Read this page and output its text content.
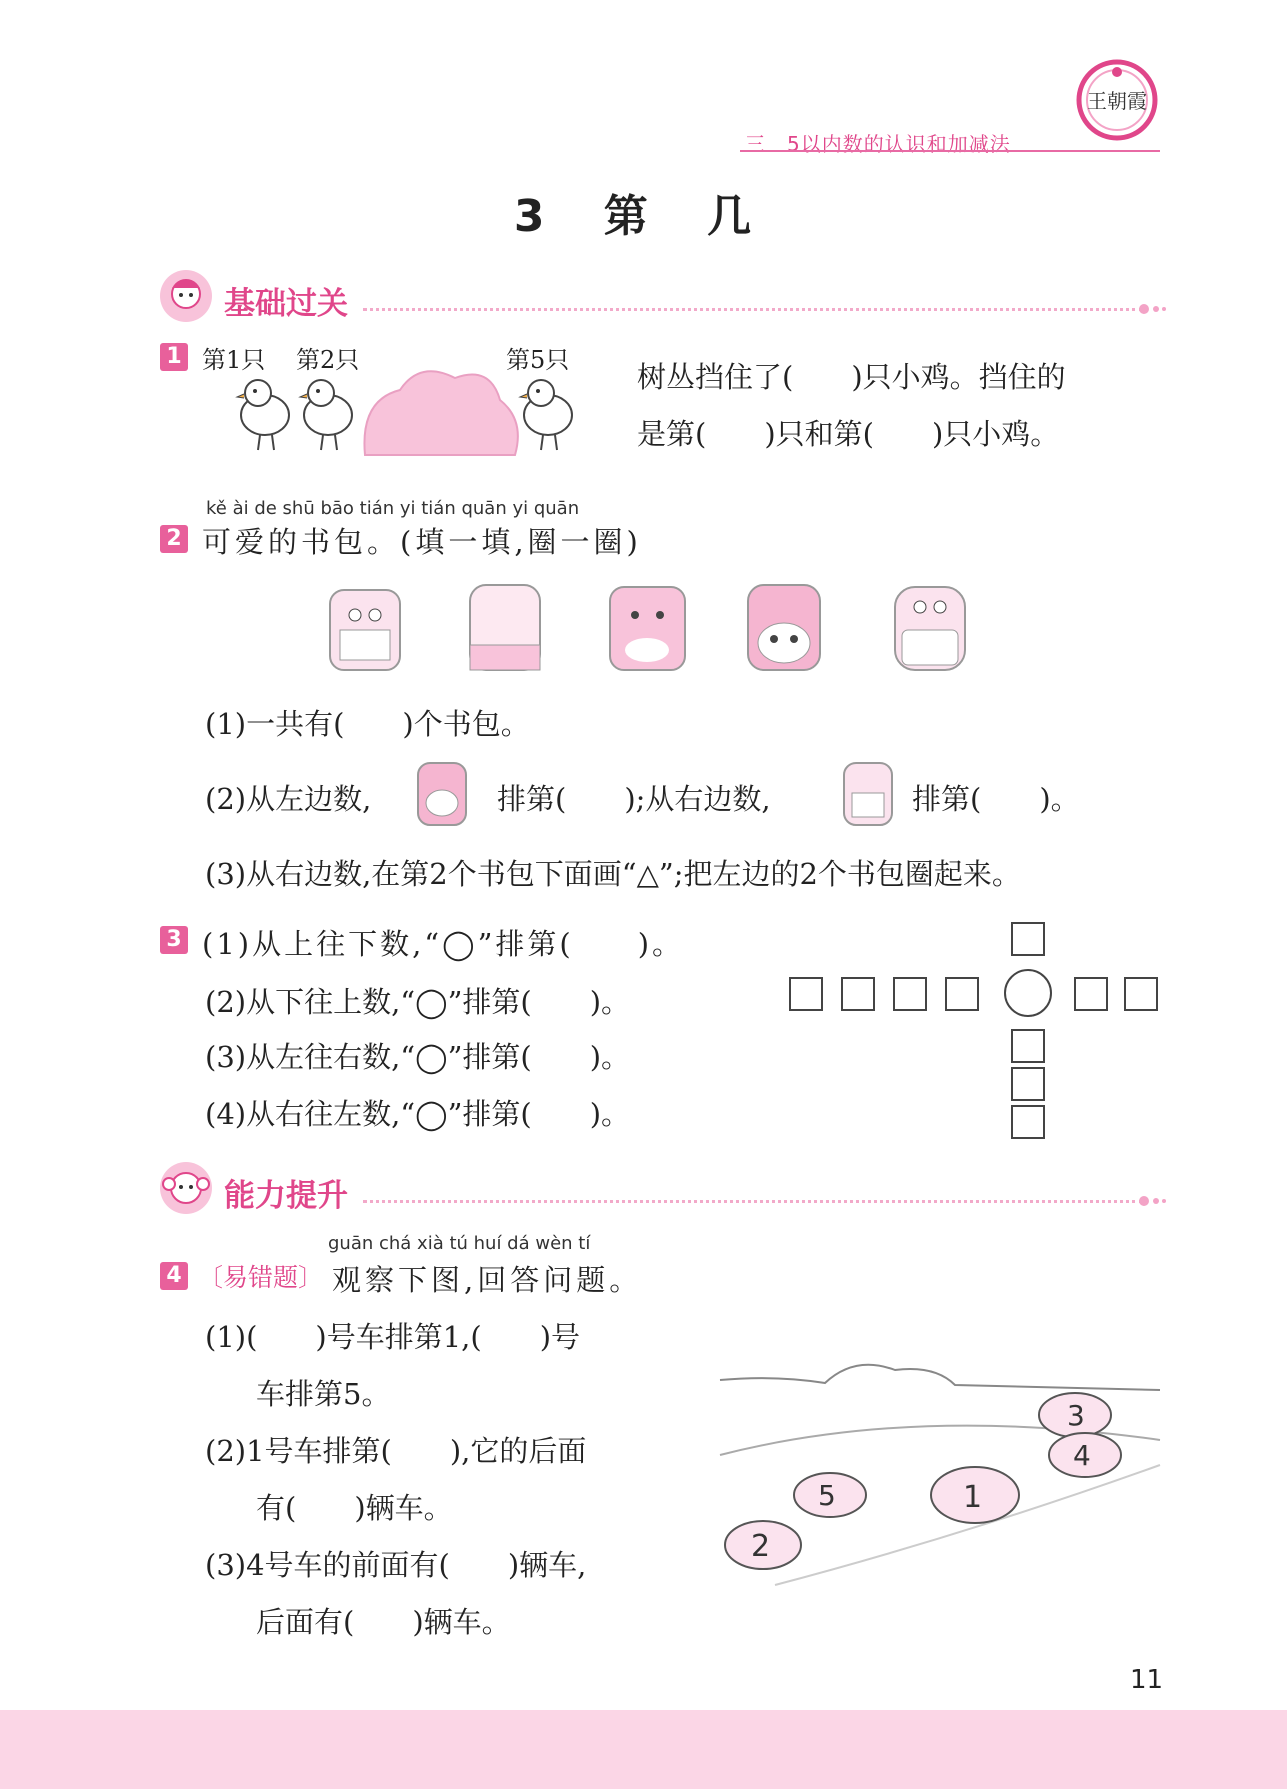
三　5以内数的认识和加减法
王朝霞
3 第 几
基础过关
1 第1只 第2只	第5只 树丛挡住了(　　)只小鸡。挡住的
是第(　　)只和第(　　)只小鸡。
kě ài de shū bāo tián yi tián quān yi quān
2 可爱的书包。(填一填,圈一圈)
(1)一共有(　　)个书包。
(2)从左边数,	排第(　　);从右边数,	排第(　　)。
(3)从右边数,在第2个书包下面画“△”;把左边的2个书包圈起来。
3 (1)从上往下数,“◯”排第(　　)。
(2)从下往上数,“◯”排第(　　)。
(3)从左往右数,“◯”排第(　　)。
(4)从右往左数,“◯”排第(　　)。
能力提升
guān chá xià tú huí dá wèn tí
4 〔易错题〕 观察下图,回答问题。
(1)(　　)号车排第1,(　　)号
车排第5。
(2)1号车排第(　　),它的后面
有(　　)辆车。
(3)4号车的前面有(　　)辆车,
后面有(　　)辆车。
3
4
5	1
2
11
